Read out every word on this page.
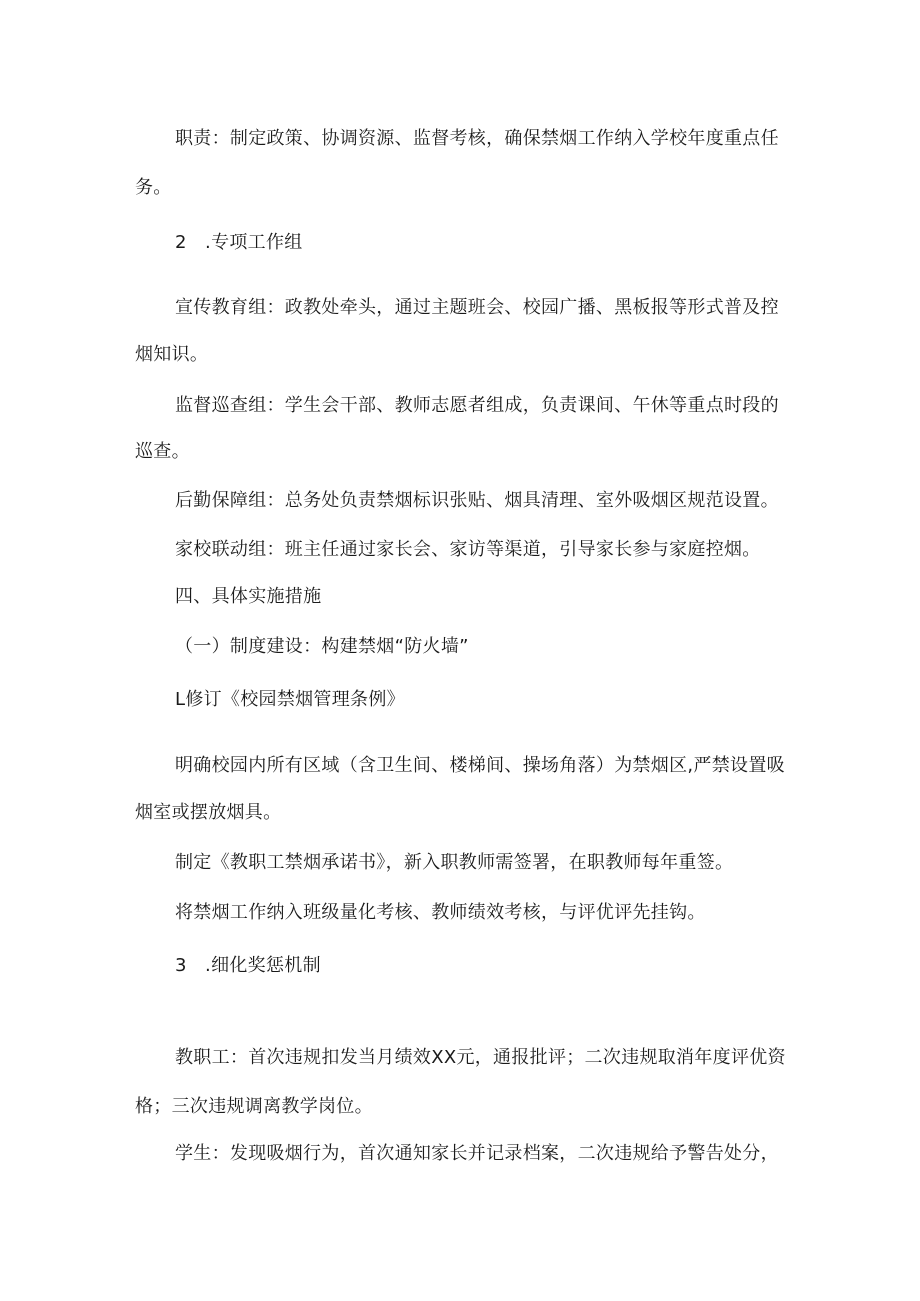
职责：制定政策、协调资源、监督考核，确保禁烟工作纳入学校年度重点任
务。
2　.专项工作组
宣传教育组：政教处牵头，通过主题班会、校园广播、黑板报等形式普及控
烟知识。
监督巡查组：学生会干部、教师志愿者组成，负责课间、午休等重点时段的
巡查。
后勤保障组：总务处负责禁烟标识张贴、烟具清理、室外吸烟区规范设置。
家校联动组：班主任通过家长会、家访等渠道，引导家长参与家庭控烟。
四、具体实施措施
（一）制度建设：构建禁烟“防火墙”
L修订《校园禁烟管理条例》
明确校园内所有区域（含卫生间、楼梯间、操场角落）为禁烟区,严禁设置吸
烟室或摆放烟具。
制定《教职工禁烟承诺书》，新入职教师需签署，在职教师每年重签。
将禁烟工作纳入班级量化考核、教师绩效考核，与评优评先挂钩。
3　.细化奖惩机制
教职工：首次违规扣发当月绩效XX元，通报批评；二次违规取消年度评优资
格；三次违规调离教学岗位。
学生：发现吸烟行为，首次通知家长并记录档案，二次违规给予警告处分，
